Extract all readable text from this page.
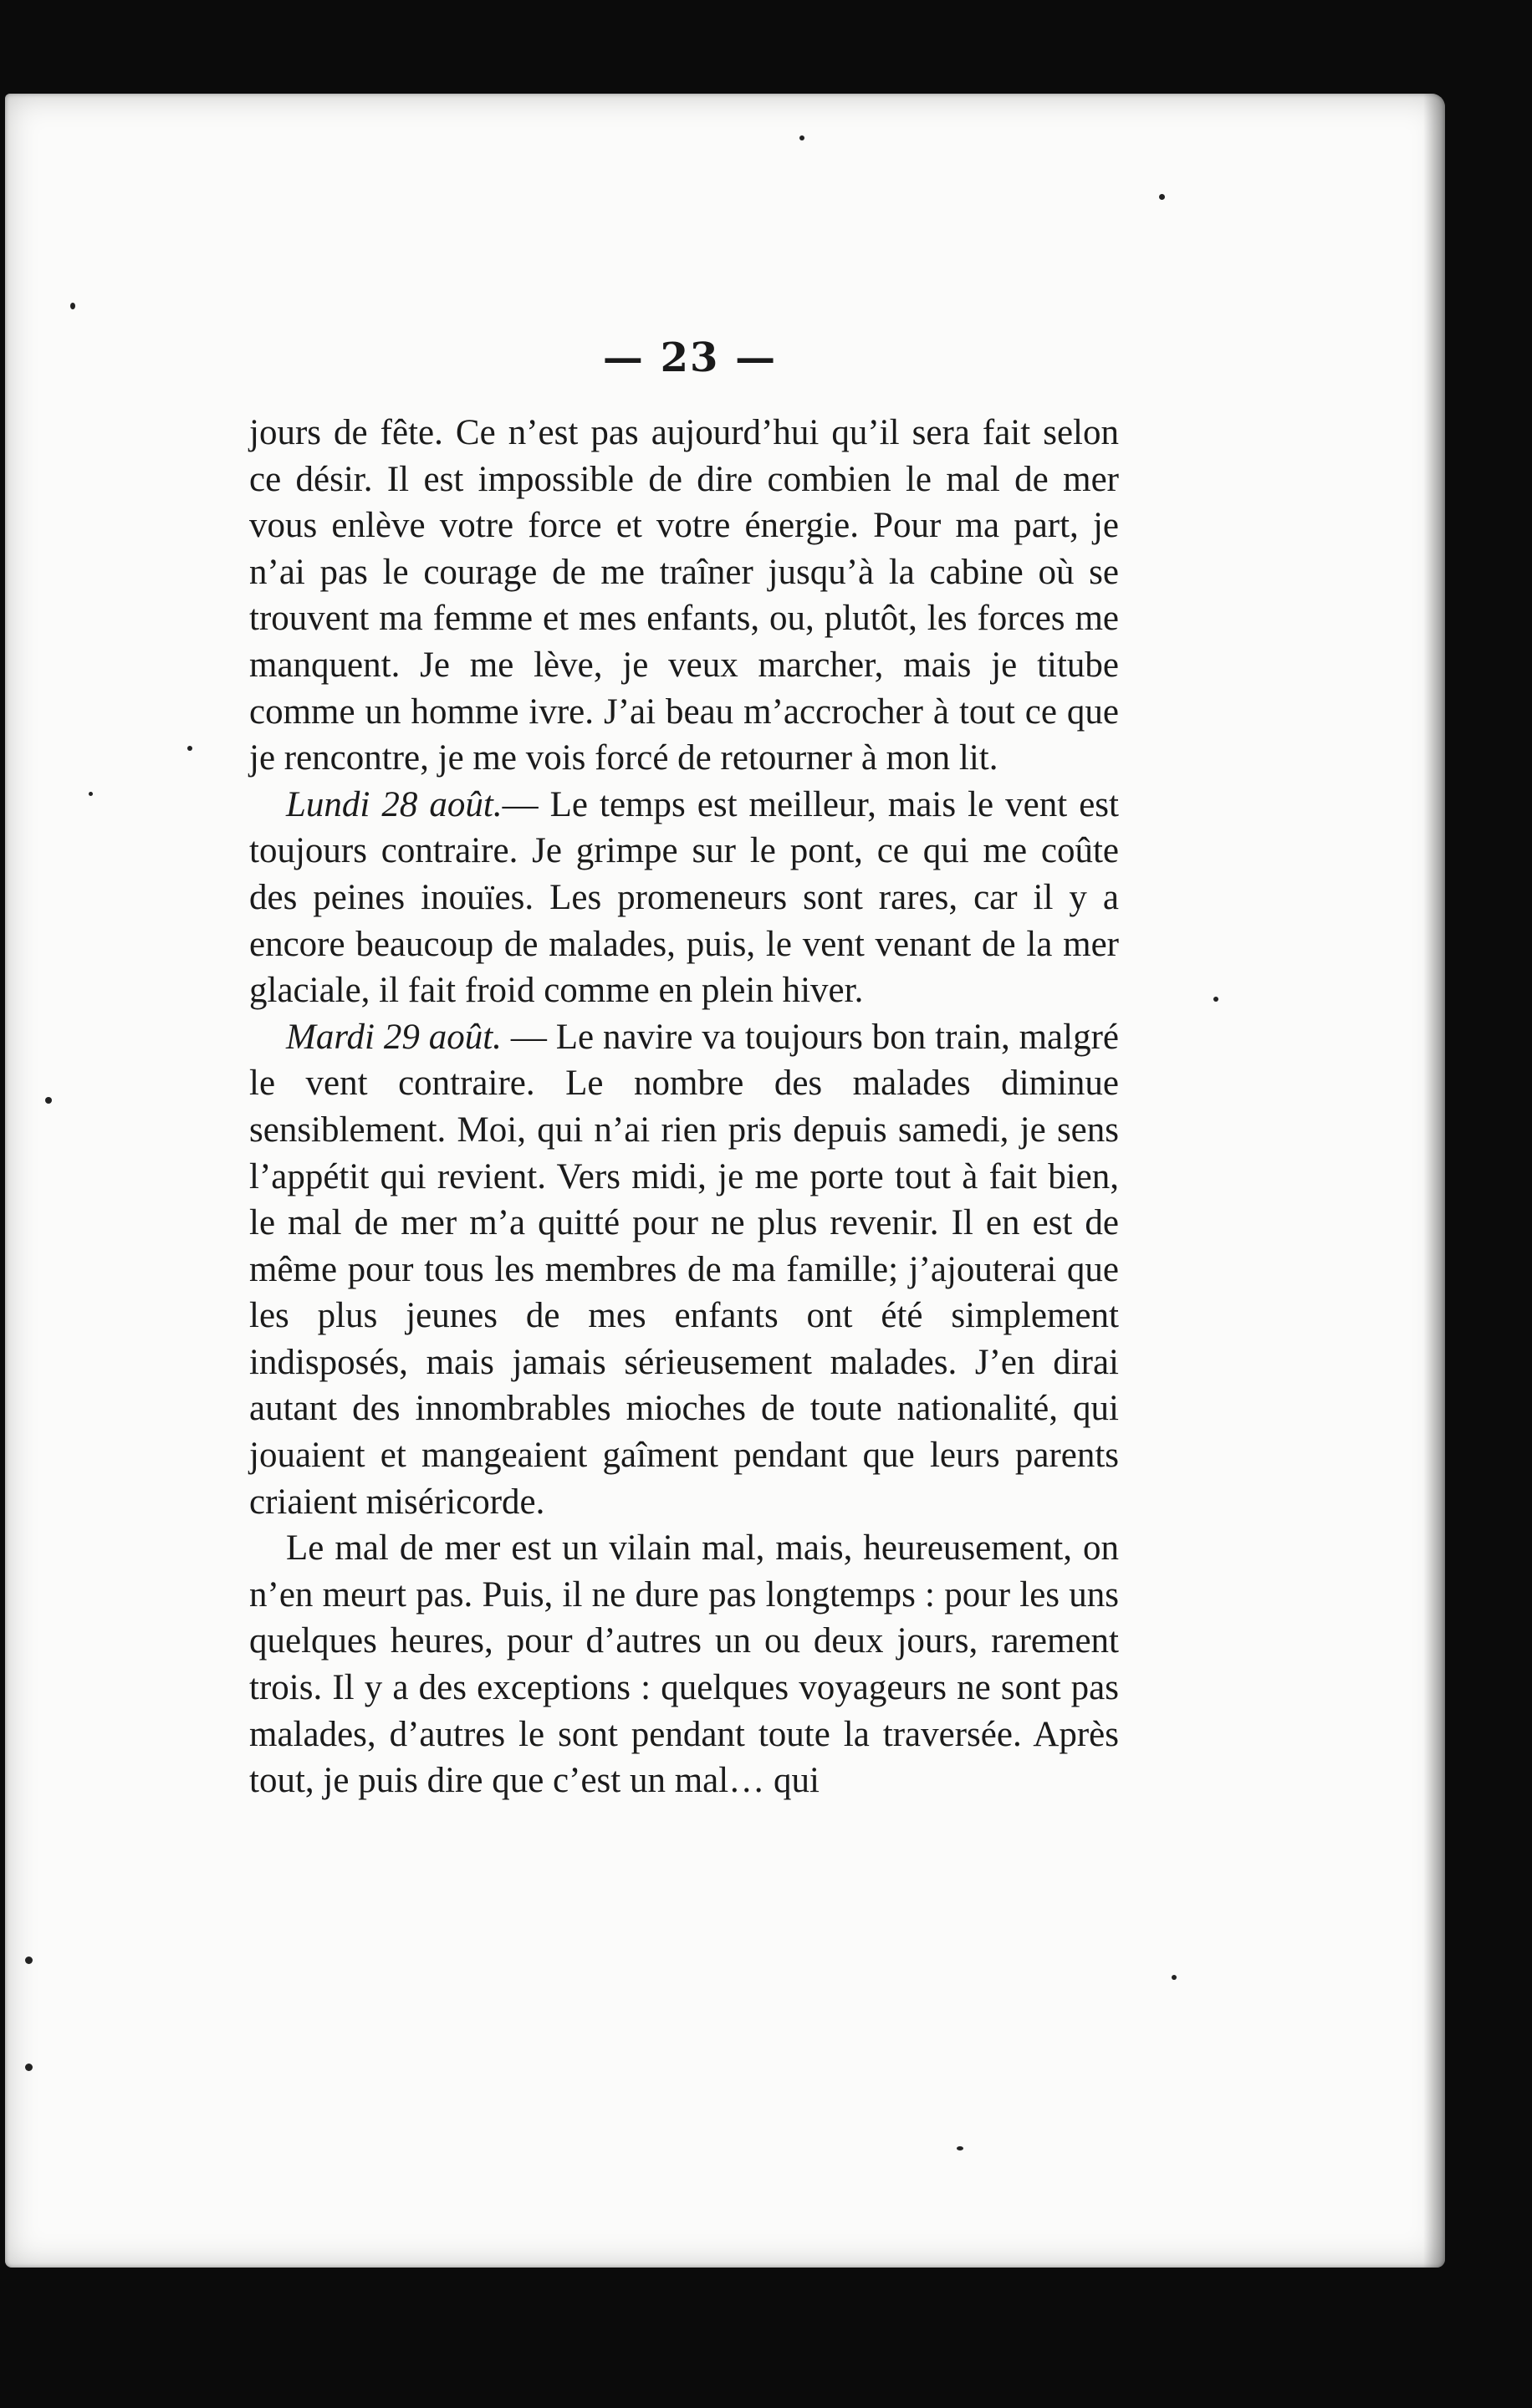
— 23 —

jours de fête. Ce n’est pas aujourd’hui qu’il sera fait selon ce désir. Il est impossible de dire combien le mal de mer vous enlève votre force et votre énergie. Pour ma part, je n’ai pas le courage de me traîner jusqu’à la cabine où se trouvent ma femme et mes enfants, ou, plutôt, les forces me manquent. Je me lève, je veux marcher, mais je titube comme un homme ivre. J’ai beau m’accrocher à tout ce que je rencontre, je me vois forcé de retourner à mon lit.

Lundi 28 août.— Le temps est meilleur, mais le vent est toujours contraire. Je grimpe sur le pont, ce qui me coûte des peines inouïes. Les promeneurs sont rares, car il y a encore beaucoup de malades, puis, le vent venant de la mer glaciale, il fait froid comme en plein hiver.

Mardi 29 août. — Le navire va toujours bon train, malgré le vent contraire. Le nombre des malades diminue sensiblement. Moi, qui n’ai rien pris depuis samedi, je sens l’appétit qui revient. Vers midi, je me porte tout à fait bien, le mal de mer m’a quitté pour ne plus revenir. Il en est de même pour tous les membres de ma famille; j’ajouterai que les plus jeunes de mes enfants ont été simplement indisposés, mais jamais sérieusement malades. J’en dirai autant des innombrables mioches de toute nationalité, qui jouaient et mangeaient gaîment pendant que leurs parents criaient miséricorde.

Le mal de mer est un vilain mal, mais, heureusement, on n’en meurt pas. Puis, il ne dure pas longtemps : pour les uns quelques heures, pour d’autres un ou deux jours, rarement trois. Il y a des exceptions : quelques voyageurs ne sont pas malades, d’autres le sont pendant toute la traversée. Après tout, je puis dire que c’est un mal… qui
